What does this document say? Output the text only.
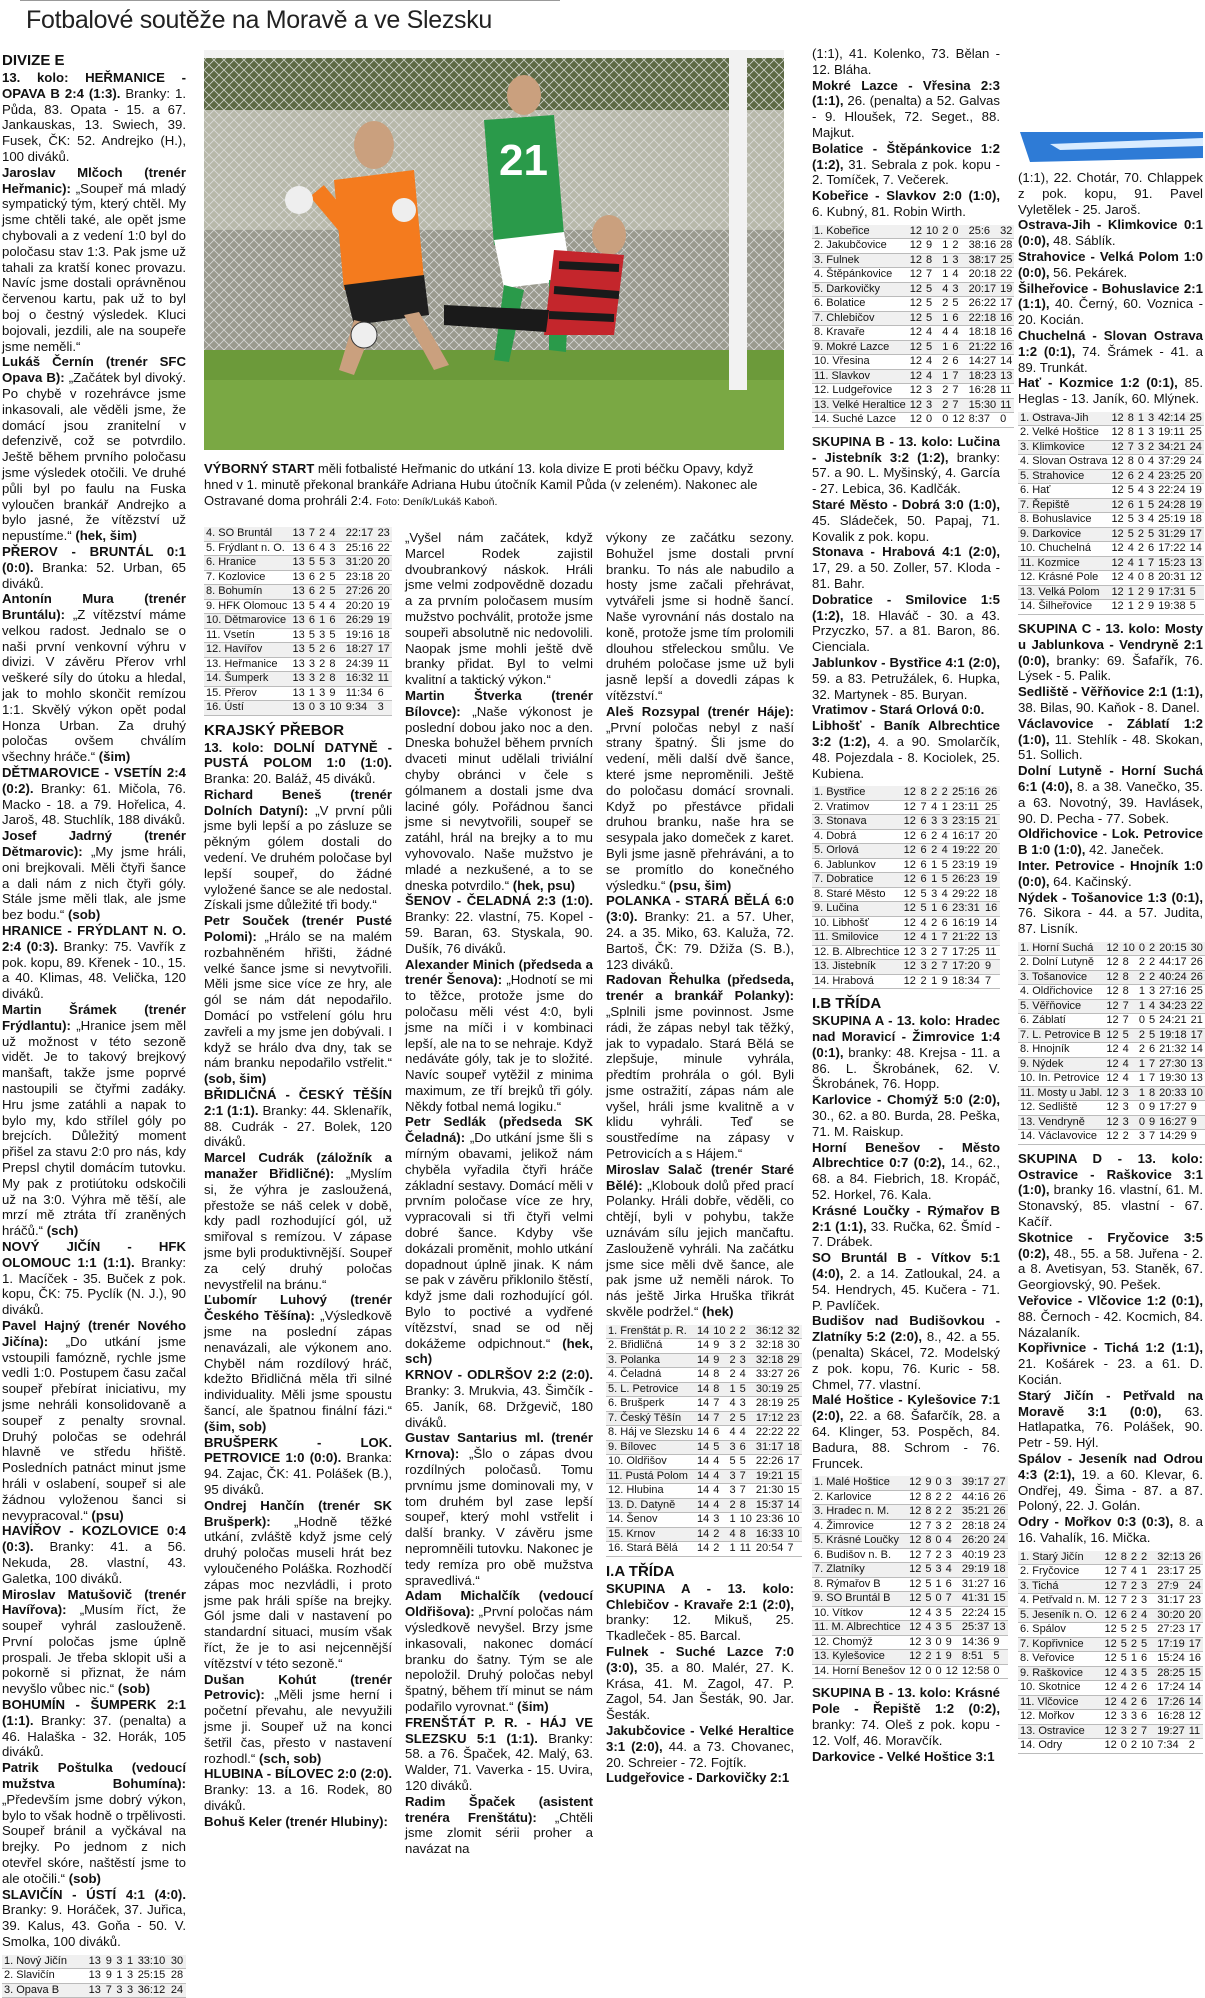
Fotbalové soutěže na Moravě a ve Slezsku
DIVIZE E

13. kolo: HEŘMANICE - OPAVA B 2:4 (1:3). Branky: 1. Půda, 83. Opata - 15. a 67. Jankauskas, 13. Swiech, 39. Fusek, ČK: 52. Andrejko (H.), 100 diváků.

Jaroslav Mlčoch (trenér Heřmanic): „Soupeř má mladý sympatický tým, který chtěl. My jsme chtěli také, ale opět jsme chybovali a z vedení 1:0 byl do poločasu stav 1:3. Pak jsme už tahali za kratší konec provazu. Navíc jsme dostali oprávněnou červenou kartu, pak už to byl boj o čestný výsledek. Kluci bojovali, jezdili, ale na soupeře jsme neměli.“

Lukáš Černín (trenér SFC Opava B): „Začátek byl divoký. Po chybě v rozehrávce jsme inkasovali, ale věděli jsme, že domácí jsou zranitelní v defenzivě, což se potvrdilo. Ještě během prvního poločasu jsme výsledek otočili. Ve druhé půli byl po faulu na Fuska vyloučen brankář Andrejko a bylo jasné, že vítězství už nepustíme.“ (hek, šim)

PŘEROV - BRUNTÁL 0:1 (0:0). Branka: 52. Urban, 65 diváků.

Antonín Mura (trenér Bruntálu): „Z vítězství máme velkou radost. Jednalo se o naši první venkovní výhru v divizi. V závěru Přerov vrhl veškeré síly do útoku a hledal, jak to mohlo skončit remízou 1:1. Skvělý výkon opět podal Honza Urban. Za druhý poločas ovšem chválím všechny hráče.“ (šim)

DĚTMAROVICE - VSETÍN 2:4 (0:2). Branky: 61. Mičola, 76. Macko - 18. a 79. Hořelica, 4. Jaroš, 48. Stuchlík, 188 diváků.

Josef Jadrný (trenér Dětmarovic): „My jsme hráli, oni brejkovali. Měli čtyři šance a dali nám z nich čtyři góly. Stále jsme měli tlak, ale jsme bez bodu.“ (sob)

HRANICE - FRÝDLANT N. O. 2:4 (0:3). Branky: 75. Vavřík z pok. kopu, 89. Křenek - 10., 15. a 40. Klimas, 48. Velička, 120 diváků.

Martin Šrámek (trenér Frýdlantu): „Hranice jsem měl už možnost v této sezoně vidět. Je to takový brejkový manšaft, takže jsme poprvé nastoupili se čtyřmi zadáky. Hru jsme zatáhli a napak to bylo my, kdo střílel góly po brejcích. Důležitý moment přišel za stavu 2:0 pro nás, kdy Prepsl chytil domácím tutovku. My pak z protiútoku odskočili už na 3:0. Výhra mě těší, ale mrzí mě ztráta tří zraněných hráčů.“ (sch)

NOVÝ JIČÍN - HFK OLOMOUC 1:1 (1:1). Branky: 1. Macíček - 35. Buček z pok. kopu, ČK: 75. Pyclík (N. J.), 90 diváků.

Pavel Hajný (trenér Nového Jičína): „Do utkání jsme vstoupili famózně, rychle jsme vedli 1:0. Postupem času začal soupeř přebírat iniciativu, my jsme nehráli konsolidovaně a soupeř z penalty srovnal. Druhý poločas se odehrál hlavně ve středu hřiště. Posledních patnáct minut jsme hráli v oslabení, soupeř si ale žádnou vyloženou šanci si nevypracoval.“ (psu)

HAVÍŘOV - KOZLOVICE 0:4 (0:3). Branky: 41. a 56. Nekuda, 28. vlastní, 43. Galetka, 100 diváků.

Miroslav Matušovič (trenér Havířova): „Musím říct, že soupeř vyhrál zaslouženě. První poločas jsme úplně prospali. Je třeba sklopit uši a pokorně si přiznat, že nám nevyšlo vůbec nic.“ (sob)

BOHUMÍN - ŠUMPERK 2:1 (1:1). Branky: 37. (penalta) a 46. Halaška - 32. Horák, 105 diváků.

Patrik Poštulka (vedoucí mužstva Bohumína): „Především jsme dobrý výkon, bylo to však hodně o trpělivosti. Soupeř bránil a vyčkával na brejky. Po jednom z nich otevřel skóre, naštěstí jsme to ale otočili.“ (sob)

SLAVIČÍN - ÚSTÍ 4:1 (4:0). Branky: 9. Horáček, 37. Juřica, 39. Kalus, 43. Goňa - 50. V. Smolka, 100 diváků.

1. Nový Jičín	13	9	3	1	33:10	30
2. Slavičín	13	9	1	3	25:15	28
3. Opava B	13	7	3	3	36:12	24
4. SO Bruntál	13	7	2	4	22:17	23
5. Frýdlant n. O.	13	6	4	3	25:16	22
6. Hranice	13	5	5	3	31:20	20
7. Kozlovice	13	6	2	5	23:18	20
8. Bohumín	13	6	2	5	27:26	20
9. HFK Olomouc	13	5	4	4	20:20	19
10. Dětmarovice	13	6	1	6	26:29	19
11. Vsetín	13	5	3	5	19:16	18
12. Havířov	13	5	2	6	18:27	17
13. Heřmanice	13	3	2	8	24:39	11
14. Šumperk	13	3	2	8	16:32	11
15. Přerov	13	1	3	9	11:34	6
16. Ústí	13	0	3	10	9:34	3
KRAJSKÝ PŘEBOR

13. kolo: DOLNÍ DATYNĚ - PUSTÁ POLOM 1:0 (1:0). Branka: 20. Baláž, 45 diváků.

Richard Beneš (trenér Dolních Datyní): „V první půli jsme byli lepší a po zásluze se pěkným gólem dostali do vedení. Ve druhém poločase byl lepší soupeř, do žádné vyložené šance se ale nedostal. Získali jsme důležité tři body.“

Petr Souček (trenér Pusté Polomi): „Hrálo se na malém rozbahněném hřišti, žádné velké šance jsme si nevytvořili. Měli jsme sice více ze hry, ale gól se nám dát nepodařilo. Domácí po vstřelení gólu hru zavřeli a my jsme jen dobývali. I když se hrálo dva dny, tak se nám branku nepodařilo vstřelit.“ (sob, šim)

BŘIDLIČNÁ - ČESKÝ TĚŠÍN 2:1 (1:1). Branky: 44. Sklenařík, 88. Cudrák - 27. Bolek, 120 diváků.

Marcel Cudrák (záložník a manažer Břidličné): „Myslím si, že výhra je zasloužená, přestože se náš celek v době, kdy padl rozhodující gól, už smiřoval s remízou. V zápase jsme byli produktivnější. Soupeř za celý druhý poločas nevystřelil na bránu.“

Ľubomír Luhový (trenér Českého Těšína): „Výsledkově jsme na poslední zápas nenavázali, ale výkonem ano. Chyběl nám rozdílový hráč, kdežto Břidličná měla tři silné individuality. Měli jsme spoustu šancí, ale špatnou finální fázi.“ (šim, sob)

BRUŠPERK - LOK. PETROVICE 1:0 (0:0). Branka: 94. Zajac, ČK: 41. Polášek (B.), 95 diváků.

Ondrej Hančín (trenér SK Brušperk): „Hodně těžké utkání, zvláště když jsme celý druhý poločas museli hrát bez vyloučeného Poláška. Rozhodčí zápas moc nezvládli, i proto jsme pak hráli spíše na brejky. Gól jsme dali v nastavení po standardní situaci, musím však říct, že je to asi nejcennější vítězství v této sezoně.“

Dušan Kohút (trenér Petrovic): „Měli jsme herní i početní převahu, ale nevyužili jsme ji. Soupeř už na konci šetřil čas, přesto v nastavení rozhodl.“ (sch, sob)

HLUBINA - BÍLOVEC 2:0 (2:0). Branky: 13. a 16. Rodek, 80 diváků.

Bohuš Keler (trenér Hlubiny):

„Vyšel nám začátek, když Marcel Rodek zajistil dvoubrankový náskok. Hráli jsme velmi zodpovědně dozadu a za prvním poločasem musím mužstvo pochválit, protože jsme soupeři absolutně nic nedovolili. Naopak jsme mohli ještě dvě branky přidat. Byl to velmi kvalitní a taktický výkon.“

Martin Štverka (trenér Bílovce): „Naše výkonost je poslední dobou jako noc a den. Dneska bohužel během prvních dvaceti minut udělali triviální chyby obránci v čele s gólmanem a dostali jsme dva laciné góly. Pořádnou šanci jsme si nevytvořili, soupeř se zatáhl, hrál na brejky a to mu vyhovovalo. Naše mužstvo je mladé a nezkušené, a to se dneska potvrdilo.“ (hek, psu)

ŠENOV - ČELADNÁ 2:3 (1:0). Branky: 22. vlastní, 75. Kopel - 59. Baran, 63. Styskala, 90. Dušík, 76 diváků.

Alexander Minich (předseda a trenér Šenova): „Hodnotí se mi to těžce, protože jsme do poločasu měli vést 4:0, byli jsme na míči i v kombinaci lepší, ale na to se nehraje. Když nedáváte góly, tak je to složité. Navíc soupeř vytěžil z minima maximum, ze tří brejků tři góly. Někdy fotbal nemá logiku.“

Petr Sedlák (předseda SK Čeladná): „Do utkání jsme šli s mírným obavami, jelikož nám chyběla vyřadila čtyři hráče základní sestavy. Domácí měli v prvním poločase více ze hry, vypracovali si tři čtyři velmi dobré šance. Kdyby vše dokázali proměnit, mohlo utkání dopadnout úplně jinak. K nám se pak v závěru přiklonilo štěstí, když jsme dali rozhodující gól. Bylo to poctivé a vydřené vítězství, snad se od něj dokážeme odpichnout.“ (hek, sch)

KRNOV - ODLRŠOV 2:2 (2:0). Branky: 3. Mrukvia, 43. Šimčík - 65. Janík, 68. Držgevič, 180 diváků.

Gustav Santarius ml. (trenér Krnova): „Šlo o zápas dvou rozdílných poločasů. Tomu prvnímu jsme dominovali my, v tom druhém byl zase lepší soupeř, který mohl vstřelit i další branky. V závěru jsme nepromněili tutovku. Nakonec je tedy remíza pro obě mužstva spravedlivá.“

Adam Michalčík (vedoucí Oldřišova): „První poločas nám výsledkově nevyšel. Brzy jsme inkasovali, nakonec domácí branku do šatny. Tým se ale nepoložil. Druhý poločas nebyl špatný, během tří minut se nám podařilo vyrovnat.“ (šim)

FRENŠTÁT P. R. - HÁJ VE SLEZSKU 5:1 (1:1). Branky: 58. a 76. Špaček, 42. Malý, 63. Walder, 71. Vaverka - 15. Uvira, 120 diváků.

Radim Špaček (asistent trenéra Frenštátu): „Chtěli jsme zlomit sérii proher a navázat na

výkony ze začátku sezony. Bohužel jsme dostali první branku. To nás ale nabudilo a hosty jsme začali přehrávat, vytvářeli jsme si hodně šancí. Naše vyrovnání nás dostalo na koně, protože jsme tím prolomili dlouhou střeleckou smůlu. Ve druhém poločase jsme už byli jasně lepší a dovedli zápas k vítězství.“

Aleš Rozsypal (trenér Háje): „První poločas nebyl z naší strany špatný. Šli jsme do vedení, měli další dvě šance, které jsme neproměnili. Ještě do poločasu domácí srovnali. Když po přestávce přidali druhou branku, naše hra se sesypala jako domeček z karet. Byli jsme jasně přehráváni, a to se promítlo do konečného výsledku.“ (psu, šim)

POLANKA - STARÁ BĚLÁ 6:0 (3:0). Branky: 21. a 57. Uher, 24. a 35. Miko, 63. Kaluža, 72. Bartoš, ČK: 79. Džiža (S. B.), 123 diváků.

Radovan Řehulka (předseda, trenér a brankář Polanky): „Splnili jsme povinnost. Jsme rádi, že zápas nebyl tak těžký, jak to vypadalo. Stará Bělá se zlepšuje, minule vyhrála, předtím prohrála o gól. Byli jsme ostražití, zápas nám ale vyšel, hráli jsme kvalitně a v klidu vyhráli. Teď se soustředíme na zápasy v Petrovicích a s Hájem.“

Miroslav Salač (trenér Staré Bělé): „Klobouk dolů před prací Polanky. Hráli dobře, věděli, co chtějí, byli v pohybu, takže uznávám sílu jejich mančaftu. Zaslouženě vyhráli. Na začátku jsme sice měli dvě šance, ale pak jsme už neměli nárok. To nás ještě Jirka Hruška třikrát skvěle podržel.“ (hek)

1. Frenštát p. R.	14	10	2	2	36:12	32
2. Břidličná	14	9	3	2	32:18	30
3. Polanka	14	9	2	3	32:18	29
4. Čeladná	14	8	2	4	33:27	26
5. L. Petrovice	14	8	1	5	30:19	25
6. Brušperk	14	7	4	3	28:19	25
7. Český Těšín	14	7	2	5	17:12	23
8. Háj ve Slezsku	14	6	4	4	22:22	22
9. Bílovec	14	5	3	6	31:17	18
10. Oldřišov	14	4	5	5	22:26	17
11. Pustá Polom	14	4	3	7	19:21	15
12. Hlubina	14	4	3	7	21:30	15
13. D. Datyně	14	4	2	8	15:37	14
14. Šenov	14	3	1	10	23:36	10
15. Krnov	14	2	4	8	16:33	10
16. Stará Bělá	14	2	1	11	20:54	7
I.A TŘÍDA

SKUPINA A - 13. kolo: Chlebičov - Kravaře 2:1 (2:0), branky: 12. Mikuš, 25. Tkadleček - 85. Barcal.

Fulnek - Suché Lazce 7:0 (3:0), 35. a 80. Malér, 27. K. Krása, 41. M. Zagol, 47. P. Zagol, 54. Jan Šesták, 90. Jar. Šesták.

Jakubčovice - Velké Heraltice 3:1 (2:0), 44. a 73. Chovanec, 20. Schreier - 72. Fojtík.

Ludgeřovice - Darkovičky 2:1

(1:1), 41. Kolenko, 73. Bělan - 12. Bláha.

Mokré Lazce - Vřesina 2:3 (1:1), 26. (penalta) a 52. Galvas - 9. Hloušek, 72. Seget., 88. Majkut.

Bolatice - Štěpánkovice 1:2 (1:2), 31. Sebrala z pok. kopu - 2. Tomíček, 7. Večerek.

Kobeřice - Slavkov 2:0 (1:0), 6. Kubný, 81. Robin Wirth.

1. Kobeřice	12	10	2	0	25:6	32
2. Jakubčovice	12	9	1	2	38:16	28
3. Fulnek	12	8	1	3	38:17	25
4. Štěpánkovice	12	7	1	4	20:18	22
5. Darkovičky	12	5	4	3	20:17	19
6. Bolatice	12	5	2	5	26:22	17
7. Chlebičov	12	5	1	6	22:18	16
8. Kravaře	12	4	4	4	18:18	16
9. Mokré Lazce	12	5	1	6	21:22	16
10. Vřesina	12	4	2	6	14:27	14
11. Slavkov	12	4	1	7	18:23	13
12. Ludgeřovice	12	3	2	7	16:28	11
13. Velké Heraltice	12	3	2	7	15:30	11
14. Suché Lazce	12	0	0	12	8:37	0

SKUPINA B - 13. kolo: Lučina - Jistebník 3:2 (1:2), branky: 57. a 90. L. Myšinský, 4. García - 27. Lebica, 36. Kadlčák.

Staré Město - Dobrá 3:0 (1:0), 45. Sládeček, 50. Papaj, 71. Kovalik z pok. kopu.

Stonava - Hrabová 4:1 (2:0), 17, 29. a 50. Zoller, 57. Kloda - 81. Bahr.

Dobratice - Smilovice 1:5 (1:2), 18. Hlaváč - 30. a 43. Przyczko, 57. a 81. Baron, 86. Cienciala.

Jablunkov - Bystřice 4:1 (2:0), 59. a 83. Petružálek, 6. Hupka, 32. Martynek - 85. Buryan.

Vratimov - Stará Orlová 0:0.

Libhošť - Baník Albrechtice 3:2 (1:2), 4. a 90. Smolarčík, 48. Pojezdala - 8. Kociolek, 25. Kubiena.

1. Bystřice	12	8	2	2	25:16	26
2. Vratimov	12	7	4	1	23:11	25
3. Stonava	12	6	3	3	23:15	21
4. Dobrá	12	6	2	4	16:17	20
5. Orlová	12	6	2	4	19:22	20
6. Jablunkov	12	6	1	5	23:19	19
7. Dobratice	12	6	1	5	26:23	19
8. Staré Město	12	5	3	4	29:22	18
9. Lučina	12	5	1	6	23:31	16
10. Libhošť	12	4	2	6	16:19	14
11. Smilovice	12	4	1	7	21:22	13
12. B. Albrechtice	12	3	2	7	17:25	11
13. Jistebník	12	3	2	7	17:20	9
14. Hrabová	12	2	1	9	18:34	7
I.B TŘÍDA

SKUPINA A - 13. kolo: Hradec nad Moravicí - Žimrovice 1:4 (0:1), branky: 48. Krejsa - 11. a 86. L. Škrobánek, 62. V. Škrobánek, 76. Hopp.

Karlovice - Chomýž 5:0 (2:0), 30., 62. a 80. Burda, 28. Peška, 71. M. Raiskup.

Horní Benešov - Město Albrechtice 0:7 (0:2), 14., 62., 68. a 84. Fiebrich, 18. Kropáč, 52. Horkel, 76. Kala.

Krásné Loučky - Rýmařov B 2:1 (1:1), 33. Ručka, 62. Šmíd - 7. Drábek.

SO Bruntál B - Vítkov 5:1 (4:0), 2. a 14. Zatloukal, 24. a 54. Hendrych, 45. Kučera - 71. P. Pavlíček.

Budišov nad Budišovkou - Zlatníky 5:2 (2:0), 8., 42. a 55. (penalta) Skácel, 72. Modelský z pok. kopu, 76. Kuric - 58. Chmel, 77. vlastní.

Malé Hoštice - Kylešovice 7:1 (2:0), 22. a 68. Šafarčík, 28. a 64. Klinger, 53. Pospěch, 84. Badura, 88. Schrom - 76. Fruncek.

1. Malé Hoštice	12	9	0	3	39:17	27
2. Karlovice	12	8	2	2	44:16	26
3. Hradec n. M.	12	8	2	2	35:21	26
4. Žimrovice	12	7	3	2	28:18	24
5. Krásné Loučky	12	8	0	4	26:20	24
6. Budišov n. B.	12	7	2	3	40:19	23
7. Zlatníky	12	5	3	4	29:19	18
8. Rýmařov B	12	5	1	6	31:27	16
9. SO Bruntál B	12	5	0	7	41:31	15
10. Vítkov	12	4	3	5	22:24	15
11. M. Albrechtice	12	4	3	5	25:37	13
12. Chomýž	12	3	0	9	14:36	9
13. Kylešovice	12	2	1	9	8:51	5
14. Horní Benešov	12	0	0	12	12:58	0

SKUPINA B - 13. kolo: Krásné Pole - Řepiště 1:2 (0:2), branky: 74. Oleš z pok. kopu - 12. Volf, 46. Moravčík.

Darkovice - Velké Hoštice 3:1

(1:1), 22. Chotár, 70. Chlappek z pok. kopu, 91. Pavel Vyletělek - 25. Jaroš.

Ostrava-Jih - Klimkovice 0:1 (0:0), 48. Sáblík.

Strahovice - Velká Polom 1:0 (0:0), 56. Pekárek.

Šilheřovice - Bohuslavice 2:1 (1:1), 40. Černý, 60. Voznica - 20. Kocián.

Chuchelná - Slovan Ostrava 1:2 (0:1), 74. Šrámek - 41. a 89. Trunkát.

Hať - Kozmice 1:2 (0:1), 85. Heglas - 13. Janík, 60. Mlýnek.

1. Ostrava-Jih	12	8	1	3	42:14	25
2. Velké Hoštice	12	8	1	3	19:11	25
3. Klimkovice	12	7	3	2	34:21	24
4. Slovan Ostrava	12	8	0	4	37:29	24
5. Strahovice	12	6	2	4	23:25	20
6. Hať	12	5	4	3	22:24	19
7. Řepiště	12	6	1	5	24:28	19
8. Bohuslavice	12	5	3	4	25:19	18
9. Darkovice	12	5	2	5	31:29	17
10. Chuchelná	12	4	2	6	17:22	14
11. Kozmice	12	4	1	7	15:23	13
12. Krásné Pole	12	4	0	8	20:31	12
13. Velká Polom	12	1	2	9	17:31	5
14. Šilheřovice	12	1	2	9	19:38	5

SKUPINA C - 13. kolo: Mosty u Jablunkova - Vendryně 2:1 (0:0), branky: 69. Šafařík, 76. Lýsek - 5. Palik.

Sedliště - Věřňovice 2:1 (1:1), 38. Bilas, 90. Kaňok - 8. Danel.

Václavovice - Záblatí 1:2 (1:0), 11. Stehlík - 48. Skokan, 51. Sollich.

Dolní Lutyně - Horní Suchá 6:1 (4:0), 8. a 38. Vanečko, 35. a 63. Novotný, 39. Havlásek, 90. D. Pecha - 77. Sobek.

Oldřichovice - Lok. Petrovice B 1:0 (1:0), 42. Janeček.

Inter. Petrovice - Hnojník 1:0 (0:0), 64. Kačinský.

Nýdek - Tošanovice 1:3 (0:1), 76. Sikora - 44. a 57. Judita, 87. Lisník.

1. Horní Suchá	12	10	0	2	20:15	30
2. Dolní Lutyně	12	8	2	2	44:17	26
3. Tošanovice	12	8	2	2	40:24	26
4. Oldřichovice	12	8	1	3	27:16	25
5. Věřňovice	12	7	1	4	34:23	22
6. Záblatí	12	7	0	5	24:21	21
7. L. Petrovice B	12	5	2	5	19:18	17
8. Hnojník	12	4	2	6	21:32	14
9. Nýdek	12	4	1	7	27:30	13
10. In. Petrovice	12	4	1	7	19:30	13
11. Mosty u Jabl.	12	3	1	8	20:33	10
12. Sedliště	12	3	0	9	17:27	9
13. Vendryně	12	3	0	9	16:27	9
14. Václavovice	12	2	3	7	14:29	9

SKUPINA D - 13. kolo: Ostravice - Raškovice 3:1 (1:0), branky 16. vlastní, 61. M. Stonavský, 85. vlastní - 67. Kačíř.

Skotnice - Fryčovice 3:5 (0:2), 48., 55. a 58. Juřena - 2. a 8. Avetisyan, 53. Staněk, 67. Georgiovský, 90. Pešek.

Veřovice - Vlčovice 1:2 (0:1), 88. Černoch - 42. Kocmich, 84. Názalaník.

Kopřivnice - Tichá 1:2 (1:1), 21. Košárek - 23. a 61. D. Kocián.

Starý Jičín - Petřvald na Moravě 3:1 (0:0), 63. Hatlapatka, 76. Polášek, 90. Petr - 59. Hýl.

Spálov - Jeseník nad Odrou 4:3 (2:1), 19. a 60. Klevar, 6. Ondřej, 49. Šima - 87. a 87. Poloný, 22. J. Golán.

Odry - Mořkov 0:3 (0:3), 8. a 16. Vahalík, 16. Mička.

1. Starý Jičín	12	8	2	2	32:13	26
2. Fryčovice	12	7	4	1	23:17	25
3. Tichá	12	7	2	3	27:9	24
4. Petřvald n. M.	12	7	2	3	31:17	23
5. Jeseník n. O.	12	6	2	4	30:20	20
6. Spálov	12	5	2	5	27:23	17
7. Kopřivnice	12	5	2	5	17:19	17
8. Veřovice	12	5	1	6	15:24	16
9. Raškovice	12	4	3	5	28:25	15
10. Skotnice	12	4	2	6	17:24	14
11. Vlčovice	12	4	2	6	17:26	14
12. Mořkov	12	3	3	6	16:28	12
13. Ostravice	12	3	2	7	19:27	11
14. Odry	12	0	2	10	7:34	2
21
VÝBORNÝ START měli fotbalisté Heřmanic do utkání 13. kola divize E proti béčku Opavy, když hned v 1. minutě překonal brankáře Adriana Hubu útočník Kamil Půda (v zeleném). Nakonec ale Ostravané doma prohráli 2:4. Foto: Deník/Lukáš Kaboň.
